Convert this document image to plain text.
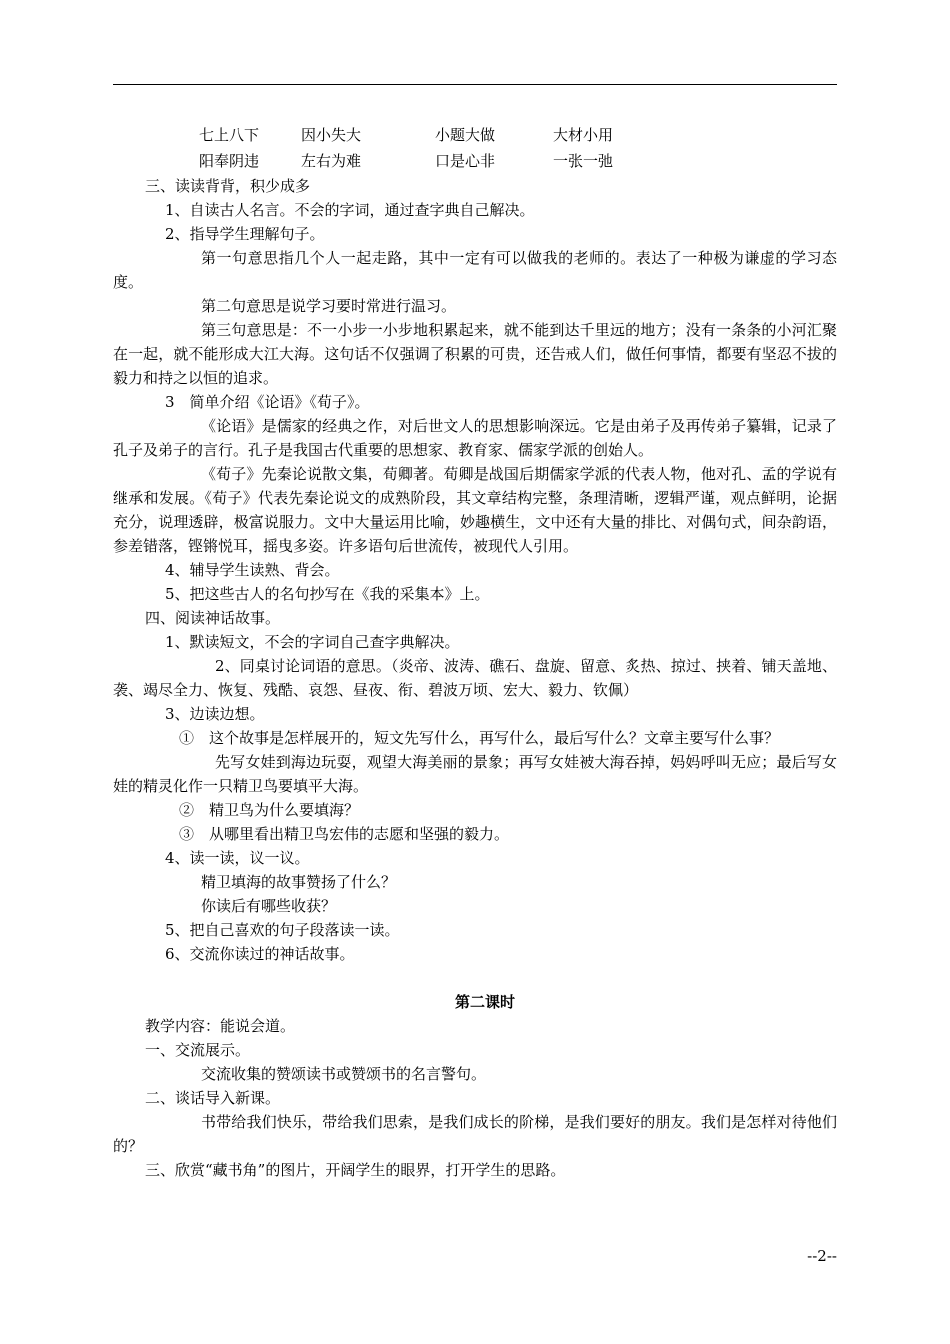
七上八下	因小失大	小题大做	大材小用
阳奉阴违	左右为难	口是心非	一张一弛

三、读读背背，积少成多

1、自读古人名言。不会的字词，通过查字典自己解决。

2、指导学生理解句子。

第一句意思指几个人一起走路，其中一定有可以做我的老师的。表达了一种极为谦虚的学习态度。

第二句意思是说学习要时常进行温习。

第三句意思是：不一小步一小步地积累起来，就不能到达千里远的地方；没有一条条的小河汇聚在一起，就不能形成大江大海。这句话不仅强调了积累的可贵，还告戒人们，做任何事情，都要有坚忍不拔的毅力和持之以恒的追求。

3　简单介绍《论语》《荀子》。

《论语》是儒家的经典之作，对后世文人的思想影响深远。它是由弟子及再传弟子纂辑，记录了孔子及弟子的言行。孔子是我国古代重要的思想家、教育家、儒家学派的创始人。

《荀子》先秦论说散文集，荀卿著。荀卿是战国后期儒家学派的代表人物，他对孔、孟的学说有继承和发展。《荀子》代表先秦论说文的成熟阶段，其文章结构完整，条理清晰，逻辑严谨，观点鲜明，论据充分，说理透辟，极富说服力。文中大量运用比喻，妙趣横生，文中还有大量的排比、对偶句式，间杂韵语，参差错落，铿锵悦耳，摇曳多姿。许多语句后世流传，被现代人引用。

4、辅导学生读熟、背会。

5、把这些古人的名句抄写在《我的采集本》上。

四、阅读神话故事。

1、默读短文，不会的字词自己查字典解决。

2、同桌讨论词语的意思。（炎帝、波涛、礁石、盘旋、留意、炙热、掠过、挟着、铺天盖地、袭、竭尽全力、恢复、残酷、哀怨、昼夜、衔、碧波万顷、宏大、毅力、钦佩）

3、边读边想。

①　这个故事是怎样展开的，短文先写什么，再写什么，最后写什么？文章主要写什么事？

先写女娃到海边玩耍，观望大海美丽的景象；再写女娃被大海吞掉，妈妈呼叫无应；最后写女娃的精灵化作一只精卫鸟要填平大海。

②　精卫鸟为什么要填海？

③　从哪里看出精卫鸟宏伟的志愿和坚强的毅力。

4、读一读，议一议。

精卫填海的故事赞扬了什么？

你读后有哪些收获？

5、把自己喜欢的句子段落读一读。

6、交流你读过的神话故事。

第二课时

教学内容：能说会道。

一、交流展示。

交流收集的赞颂读书或赞颂书的名言警句。

二、谈话导入新课。

书带给我们快乐，带给我们思索，是我们成长的阶梯，是我们要好的朋友。我们是怎样对待他们的？

三、欣赏“藏书角”的图片，开阔学生的眼界，打开学生的思路。

--2--
